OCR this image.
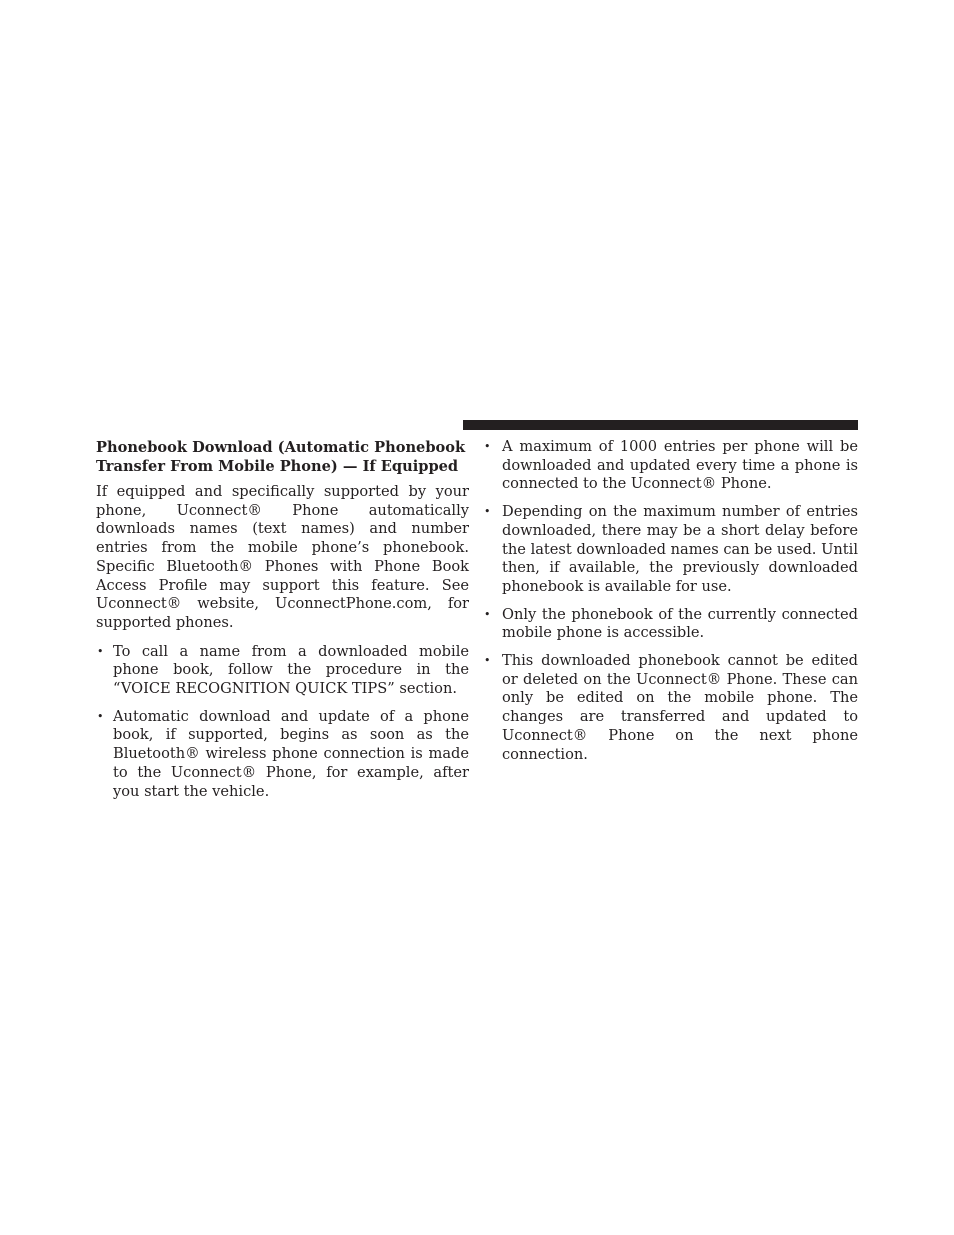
Phonebook Download (Automatic Phonebook Transfer From Mobile Phone) — If Equipped

If equipped and specifically supported by your phone, Uconnect® Phone automatically downloads names (text names) and number entries from the mobile phone’s phonebook. Specific Bluetooth® Phones with Phone Book Access Profile may support this feature. See Uconnect® website, UconnectPhone.com, for supported phones.

• To call a name from a downloaded mobile phone book, follow the procedure in the “VOICE RECOGNITION QUICK TIPS” section.
• Automatic download and update of a phone book, if supported, begins as soon as the Bluetooth® wireless phone connection is made to the Uconnect® Phone, for example, after you start the vehicle.
• A maximum of 1000 entries per phone will be downloaded and updated every time a phone is connected to the Uconnect® Phone.
• Depending on the maximum number of entries downloaded, there may be a short delay before the latest downloaded names can be used. Until then, if available, the previously downloaded phonebook is available for use.
• Only the phonebook of the currently connected mobile phone is accessible.
• This downloaded phonebook cannot be edited or deleted on the Uconnect® Phone. These can only be edited on the mobile phone. The changes are transferred and updated to Uconnect® Phone on the next phone connection.
